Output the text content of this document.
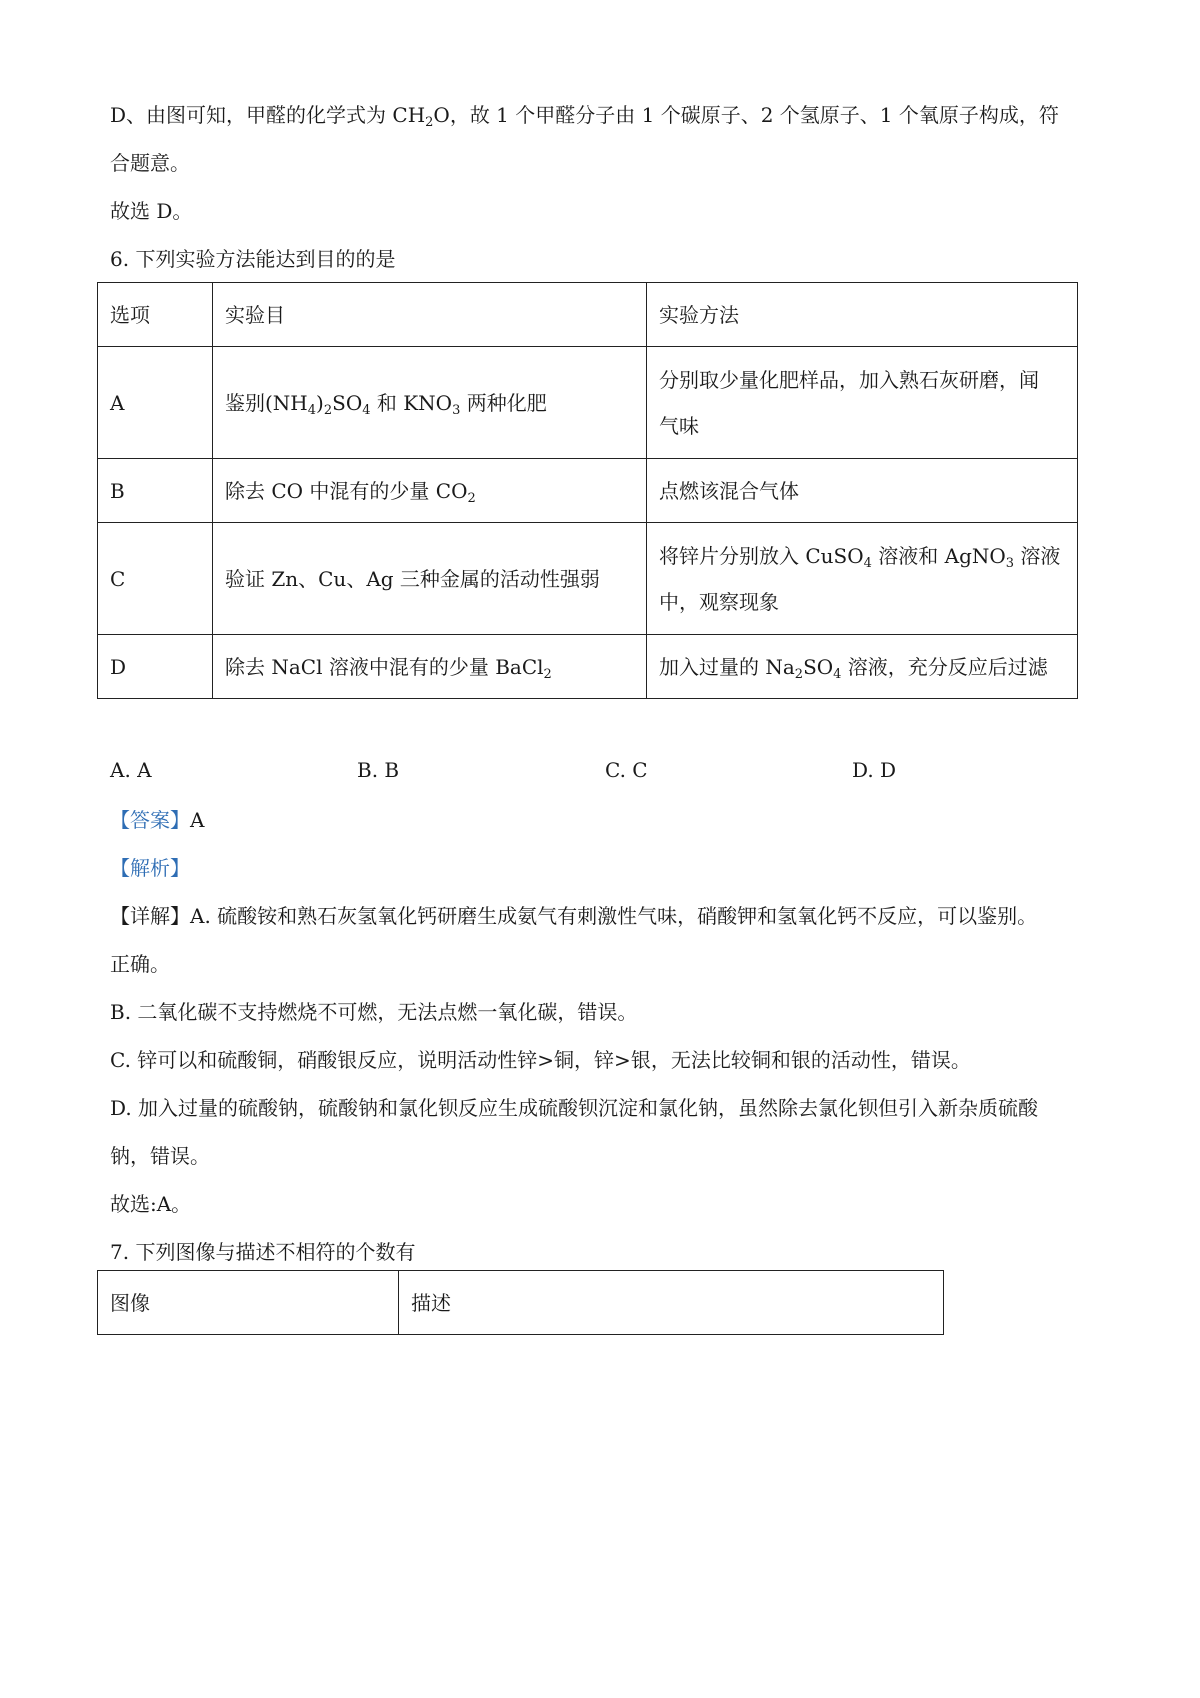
D、由图可知，甲醛的化学式为 $CH_2O$，故 1 个甲醛分子由 1 个碳原子、2 个氢原子、1 个氧原子构成，符
合题意。
故选 D。
6. 下列实验方法能达到目的的是
选项	实验目	实验方法
A	鉴别$(NH_4)_2SO_4$ 和 $KNO_3$ 两种化肥	分别取少量化肥样品，加入熟石灰研磨，闻
气味

B	除去 CO 中混有的少量 $CO_2$	点燃该混合气体
C	验证 Zn、Cu、Ag 三种金属的活动性强弱	将锌片分别放入 CuSO$_4$ 溶液和 AgNO$_3$ 溶液
中，观察现象

D	除去 NaCl 溶液中混有的少量 BaCl$_2$	加入过量的 $Na_2SO_4$ 溶液，充分反应后过滤
A. A	B. B	C. C	D. D
【答案】A
【解析】
【详解】A. 硫酸铵和熟石灰氢氧化钙研磨生成氨气有刺激性气味，硝酸钾和氢氧化钙不反应，可以鉴别。
正确。
B. 二氧化碳不支持燃烧不可燃，无法点燃一氧化碳，错误。
C. 锌可以和硫酸铜，硝酸银反应，说明活动性锌>铜，锌>银，无法比较铜和银的活动性，错误。
D. 加入过量的硫酸钠，硫酸钠和氯化钡反应生成硫酸钡沉淀和氯化钠，虽然除去氯化钡但引入新杂质硫酸
钠，错误。
故选:A。
7. 下列图像与描述不相符的个数有
图像	描述
